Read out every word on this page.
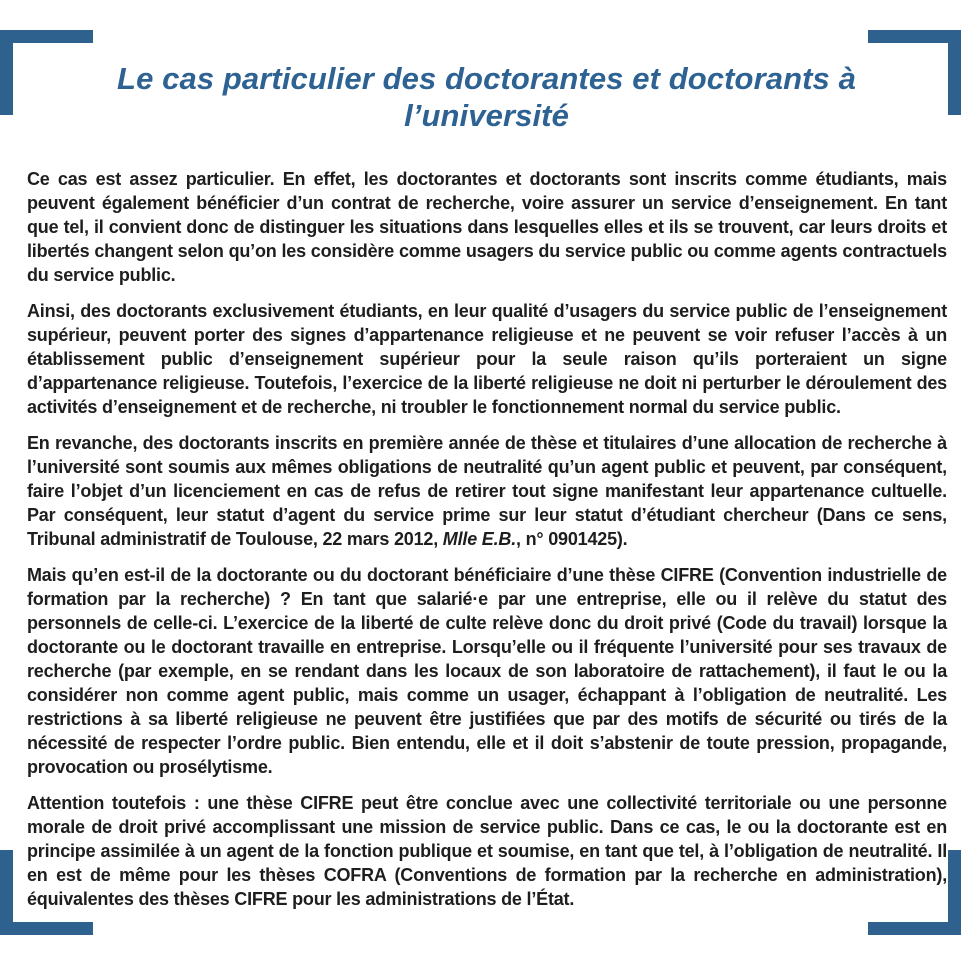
Le cas particulier des doctorantes et doctorants à l’université

Ce cas est assez particulier. En effet, les doctorantes et doctorants sont inscrits comme étudiants, mais peuvent également bénéficier d’un contrat de recherche, voire assurer un service d’enseignement. En tant que tel, il convient donc de distinguer les situations dans lesquelles elles et ils se trouvent, car leurs droits et libertés changent selon qu’on les considère comme usagers du service public ou comme agents contractuels du service public.

Ainsi, des doctorants exclusivement étudiants, en leur qualité d’usagers du service public de l’enseignement supérieur, peuvent porter des signes d’appartenance religieuse et ne peuvent se voir refuser l’accès à un établissement public d’enseignement supérieur pour la seule raison qu’ils porteraient un signe d’appartenance religieuse. Toutefois, l’exercice de la liberté religieuse ne doit ni perturber le déroulement des activités d’enseignement et de recherche, ni troubler le fonctionnement normal du service public.

En revanche, des doctorants inscrits en première année de thèse et titulaires d’une allocation de recherche à l’université sont soumis aux mêmes obligations de neutralité qu’un agent public et peuvent, par conséquent, faire l’objet d’un licenciement en cas de refus de retirer tout signe manifestant leur appartenance cultuelle. Par conséquent, leur statut d’agent du service prime sur leur statut d’étudiant chercheur (Dans ce sens, Tribunal administratif de Toulouse, 22 mars 2012, Mlle E.B., n° 0901425).

Mais qu’en est-il de la doctorante ou du doctorant bénéficiaire d’une thèse CIFRE (Convention industrielle de formation par la recherche) ? En tant que salarié·e par une entreprise, elle ou il relève du statut des personnels de celle-ci. L’exercice de la liberté de culte relève donc du droit privé (Code du travail) lorsque la doctorante ou le doctorant travaille en entreprise. Lorsqu’elle ou il fréquente l’université pour ses travaux de recherche (par exemple, en se rendant dans les locaux de son laboratoire de rattachement), il faut le ou la considérer non comme agent public, mais comme un usager, échappant à l’obligation de neutralité. Les restrictions à sa liberté religieuse ne peuvent être justifiées que par des motifs de sécurité ou tirés de la nécessité de respecter l’ordre public. Bien entendu, elle et il doit s’abstenir de toute pression, propagande, provocation ou prosélytisme.

Attention toutefois : une thèse CIFRE peut être conclue avec une collectivité territoriale ou une personne morale de droit privé accomplissant une mission de service public. Dans ce cas, le ou la doctorante est en principe assimilée à un agent de la fonction publique et soumise, en tant que tel, à l’obligation de neutralité. Il en est de même pour les thèses COFRA (Conventions de formation par la recherche en administration), équivalentes des thèses CIFRE pour les administrations de l’État.
